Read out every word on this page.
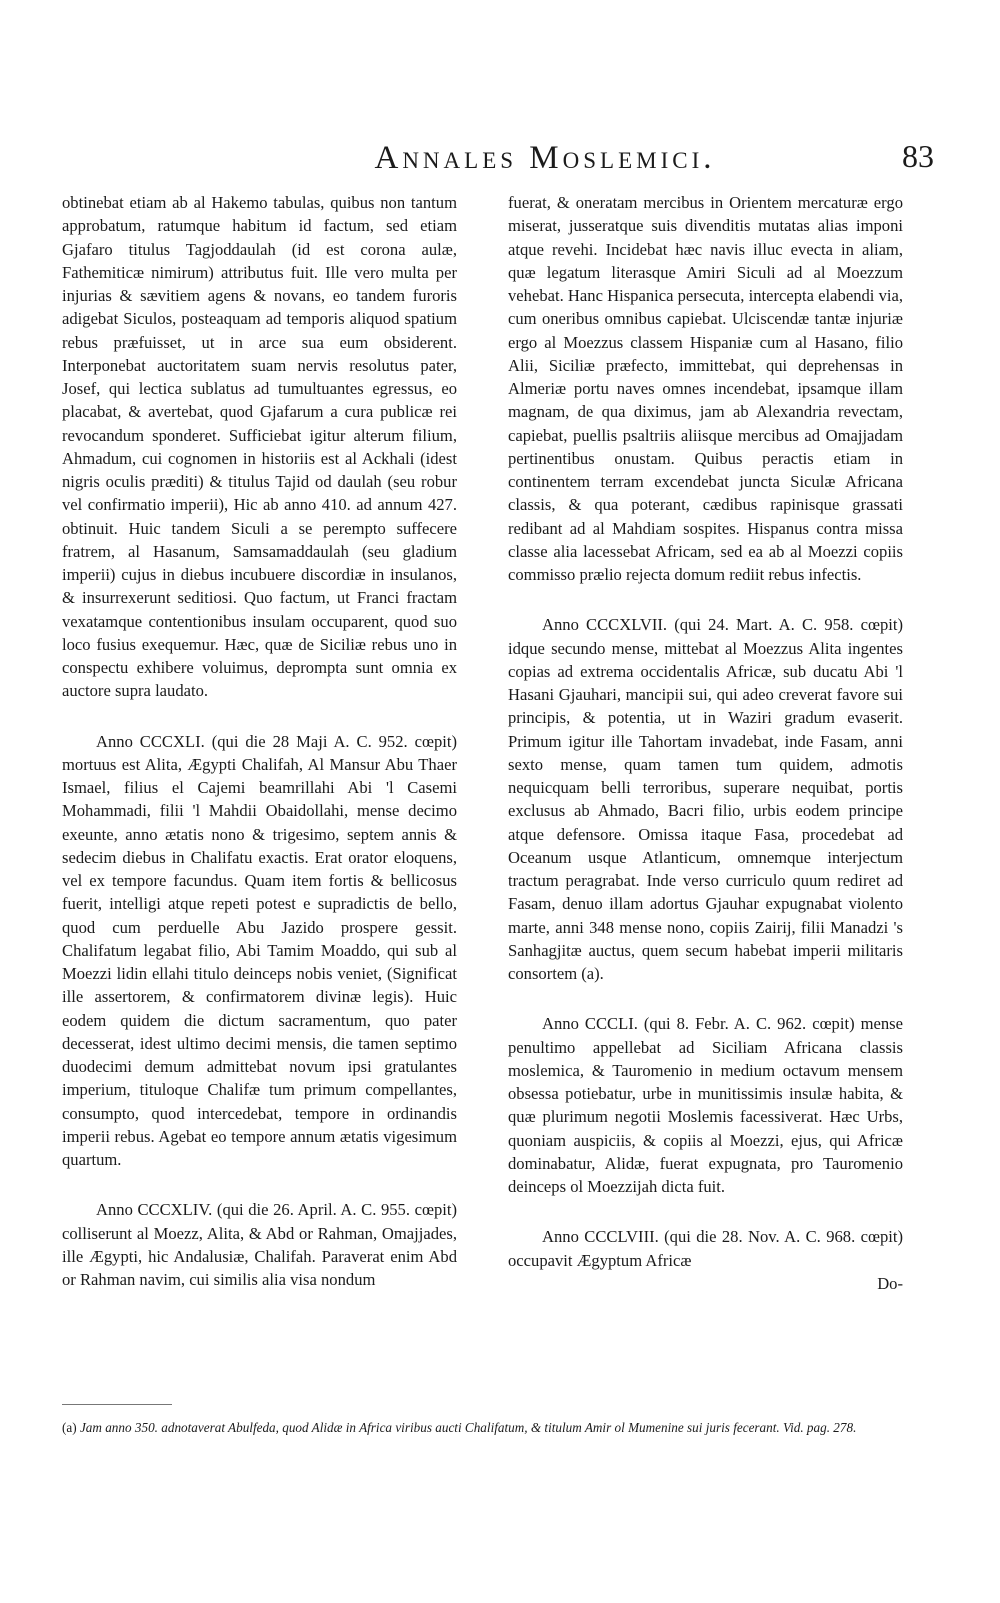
Annales Moslemici.	83

obtinebat etiam ab al Hakemo tabulas, quibus non tantum approbatum, ratumque habitum id factum, sed etiam Gjafaro titulus Tagjoddaulah (id est corona aulæ, Fathemiticæ nimirum) attributus fuit. Ille vero multa per injurias & sævitiem agens & novans, eo tandem furoris adigebat Siculos, posteaquam ad temporis aliquod spatium rebus præfuisset, ut in arce sua eum obsiderent. Interponebat auctoritatem suam nervis resolutus pater, Josef, qui lectica sublatus ad tumultuantes egressus, eo placabat, & avertebat, quod Gjafarum a cura publicæ rei revocandum sponderet. Sufficiebat igitur alterum filium, Ahmadum, cui cognomen in historiis est al Ackhali (idest nigris oculis præditi) & titulus Tajid od daulah (seu robur vel confirmatio imperii), Hic ab anno 410. ad annum 427. obtinuit. Huic tandem Siculi a se perempto suffecere fratrem, al Hasanum, Samsamaddaulah (seu gladium imperii) cujus in diebus incubuere discordiæ in insulanos, & insurrexerunt seditiosi. Quo factum, ut Franci fractam vexatamque contentionibus insulam occuparent, quod suo loco fusius exequemur. Hæc, quæ de Siciliæ rebus uno in conspectu exhibere voluimus, deprompta sunt omnia ex auctore supra laudato.

Anno CCCXLI. (qui die 28 Maji A. C. 952. cœpit) mortuus est Alita, Ægypti Chalifah, Al Mansur Abu Thaer Ismael, filius el Cajemi beamrillahi Abi 'l Casemi Mohammadi, filii 'l Mahdii Obaidollahi, mense decimo exeunte, anno ætatis nono & trigesimo, septem annis & sedecim diebus in Chalifatu exactis. Erat orator eloquens, vel ex tempore facundus. Quam item fortis & bellicosus fuerit, intelligi atque repeti potest e supradictis de bello, quod cum perduelle Abu Jazido prospere gessit. Chalifatum legabat filio, Abi Tamim Moaddo, qui sub al Moezzi lidin ellahi titulo deinceps nobis veniet, (Significat ille assertorem, & confirmatorem divinæ legis). Huic eodem quidem die dictum sacramentum, quo pater decesserat, idest ultimo decimi mensis, die tamen septimo duodecimi demum admittebat novum ipsi gratulantes imperium, tituloque Chalifæ tum primum compellantes, consumpto, quod intercedebat, tempore in ordinandis imperii rebus. Agebat eo tempore annum ætatis vigesimum quartum.

Anno CCCXLIV. (qui die 26. April. A. C. 955. cœpit) colliserunt al Moezz, Alita, & Abd or Rahman, Omajjades, ille Ægypti, hic Andalusiæ, Chalifah. Paraverat enim Abd or Rahman navim, cui similis alia visa nondum

fuerat, & oneratam mercibus in Orientem mercaturæ ergo miserat, jusseratque suis divenditis mutatas alias imponi atque revehi. Incidebat hæc navis illuc evecta in aliam, quæ legatum literasque Amiri Siculi ad al Moezzum vehebat. Hanc Hispanica persecuta, intercepta elabendi via, cum oneribus omnibus capiebat. Ulciscendæ tantæ injuriæ ergo al Moezzus classem Hispaniæ cum al Hasano, filio Alii, Siciliæ præfecto, immittebat, qui deprehensas in Almeriæ portu naves omnes incendebat, ipsamque illam magnam, de qua diximus, jam ab Alexandria revectam, capiebat, puellis psaltriis aliisque mercibus ad Omajjadam pertinentibus onustam. Quibus peractis etiam in continentem terram excendebat juncta Siculæ Africana classis, & qua poterant, cædibus rapinisque grassati redibant ad al Mahdiam sospites. Hispanus contra missa classe alia lacessebat Africam, sed ea ab al Moezzi copiis commisso prælio rejecta domum rediit rebus infectis.

Anno CCCXLVII. (qui 24. Mart. A. C. 958. cœpit) idque secundo mense, mittebat al Moezzus Alita ingentes copias ad extrema occidentalis Africæ, sub ducatu Abi 'l Hasani Gjauhari, mancipii sui, qui adeo creverat favore sui principis, & potentia, ut in Waziri gradum evaserit. Primum igitur ille Tahortam invadebat, inde Fasam, anni sexto mense, quam tamen tum quidem, admotis nequicquam belli terroribus, superare nequibat, portis exclusus ab Ahmado, Bacri filio, urbis eodem principe atque defensore. Omissa itaque Fasa, procedebat ad Oceanum usque Atlanticum, omnemque interjectum tractum peragrabat. Inde verso curriculo quum rediret ad Fasam, denuo illam adortus Gjauhar expugnabat violento marte, anni 348 mense nono, copiis Zairij, filii Manadzi 's Sanhagjitæ auctus, quem secum habebat imperii militaris consortem (a).

Anno CCCLI. (qui 8. Febr. A. C. 962. cœpit) mense penultimo appellebat ad Siciliam Africana classis moslemica, & Tauromenio in medium octavum mensem obsessa potiebatur, urbe in munitissimis insulæ habita, & quæ plurimum negotii Moslemis facessiverat. Hæc Urbs, quoniam auspiciis, & copiis al Moezzi, ejus, qui Africæ dominabatur, Alidæ, fuerat expugnata, pro Tauromenio deinceps ol Moezzijah dicta fuit.

Anno CCCLVIII. (qui die 28. Nov. A. C. 968. cœpit) occupavit Ægyptum Africæ

Do-
(a) Jam anno 350. adnotaverat Abulfeda, quod Alidæ in Africa viribus aucti Chalifatum, & titulum Amir ol Mumenine sui juris fecerant. Vid. pag. 278.
